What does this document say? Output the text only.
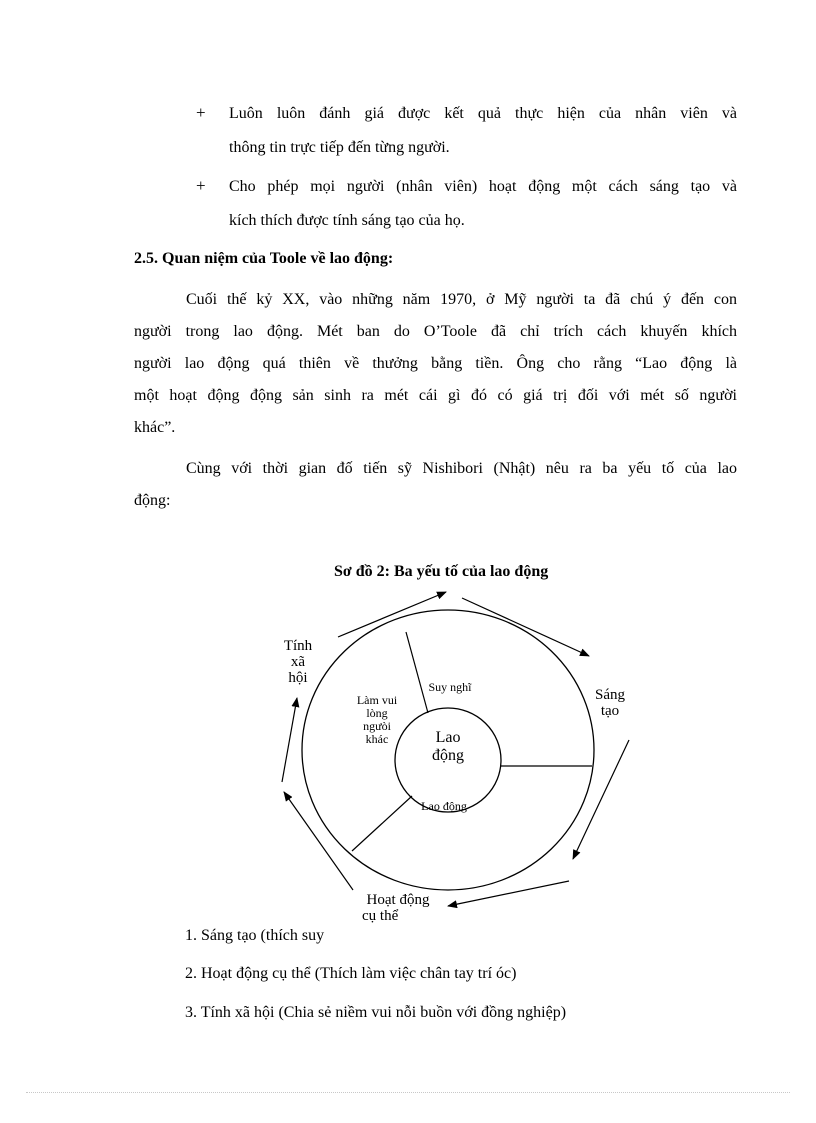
+ Luôn luôn đánh giá được kết quả thực hiện của nhân viên và
thông tin trực tiếp đến từng người.
+ Cho phép mọi người (nhân viên) hoạt động một cách sáng tạo và
kích thích được tính sáng tạo của họ.
2.5. Quan niệm của Toole về lao động:
Cuối thế kỷ XX, vào những năm 1970, ở Mỹ người ta đã chú ý đến con
người trong lao động. Mét ban do O’Toole đã chỉ trích cách khuyến khích
người lao động quá thiên về thưởng bằng tiền. Ông cho rằng “Lao động là
một hoạt động động sản sinh ra mét cái gì đó có giá trị đối với mét số người
khác”.
Cùng với thời gian đố tiến sỹ Nishibori (Nhật) nêu ra ba yếu tố của lao
động:
Sơ đồ 2: Ba yếu tố của lao động
Tính
xã
hội
Sáng
tạo
Hoạt động
cụ thể
Suy nghĩ
Làm vui
lòng
ngưòi
khác
Lao động
Lao
động
1. Sáng tạo (thích suy
2. Hoạt động cụ thể (Thích làm việc chân tay trí óc)
3. Tính xã hội (Chia sẻ niềm vui nỗi buồn với đồng nghiệp)
